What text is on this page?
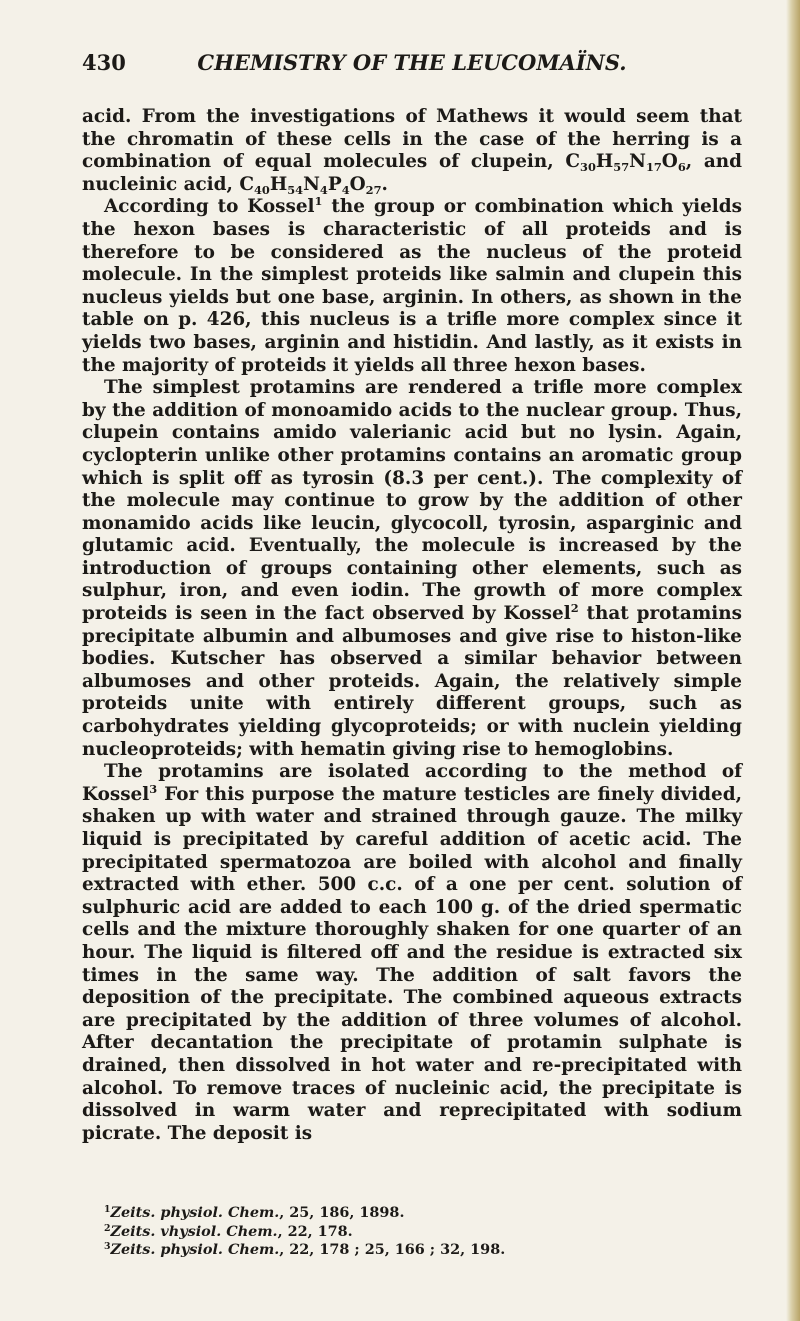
430	CHEMISTRY OF THE LEUCOMAÏNS.

acid. From the investigations of Mathews it would seem that the chromatin of these cells in the case of the herring is a combination of equal molecules of clupein, $C_{30}H_{57}N_{17}O_6$, and nucleinic acid, $C_{40}H_{54}N_4P_4O_{27}$.

According to Kossel$^1$ the group or combination which yields the hexon bases is characteristic of all proteids and is therefore to be considered as the nucleus of the proteid molecule. In the simplest proteids like salmin and clupein this nucleus yields but one base, arginin. In others, as shown in the table on p. 426, this nucleus is a trifle more complex since it yields two bases, arginin and histidin. And lastly, as it exists in the majority of proteids it yields all three hexon bases.

The simplest protamins are rendered a trifle more complex by the addition of monoamido acids to the nuclear group. Thus, clupein contains amido valerianic acid but no lysin. Again, cyclopterin unlike other protamins contains an aromatic group which is split off as tyrosin (8.3 per cent.). The complexity of the molecule may continue to grow by the addition of other monamido acids like leucin, glycocoll, tyrosin, asparginic and glutamic acid. Eventually, the molecule is increased by the introduction of groups containing other elements, such as sulphur, iron, and even iodin. The growth of more complex proteids is seen in the fact observed by Kossel$^2$ that protamins precipitate albumin and albumoses and give rise to histon-like bodies. Kutscher has observed a similar behavior between albumoses and other proteids. Again, the relatively simple proteids unite with entirely different groups, such as carbohydrates yielding glycoproteids; or with nuclein yielding nucleoproteids; with hematin giving rise to hemoglobins.

The protamins are isolated according to the method of Kossel$^3$ For this purpose the mature testicles are finely divided, shaken up with water and strained through gauze. The milky liquid is precipitated by careful addition of acetic acid. The precipitated spermatozoa are boiled with alcohol and finally extracted with ether. 500 c.c. of a one per cent. solution of sulphuric acid are added to each 100 g. of the dried spermatic cells and the mixture thoroughly shaken for one quarter of an hour. The liquid is filtered off and the residue is extracted six times in the same way. The addition of salt favors the deposition of the precipitate. The combined aqueous extracts are precipitated by the addition of three volumes of alcohol. After decantation the precipitate of protamin sulphate is drained, then dissolved in hot water and re-precipitated with alcohol. To remove traces of nucleinic acid, the precipitate is dissolved in warm water and reprecipitated with sodium picrate. The deposit is

$^1$Zeits. physiol. Chem., 25, 186, 1898.
$^2$Zeits. vhysiol. Chem., 22, 178.
$^3$Zeits. physiol. Chem., 22, 178 ; 25, 166 ; 32, 198.
